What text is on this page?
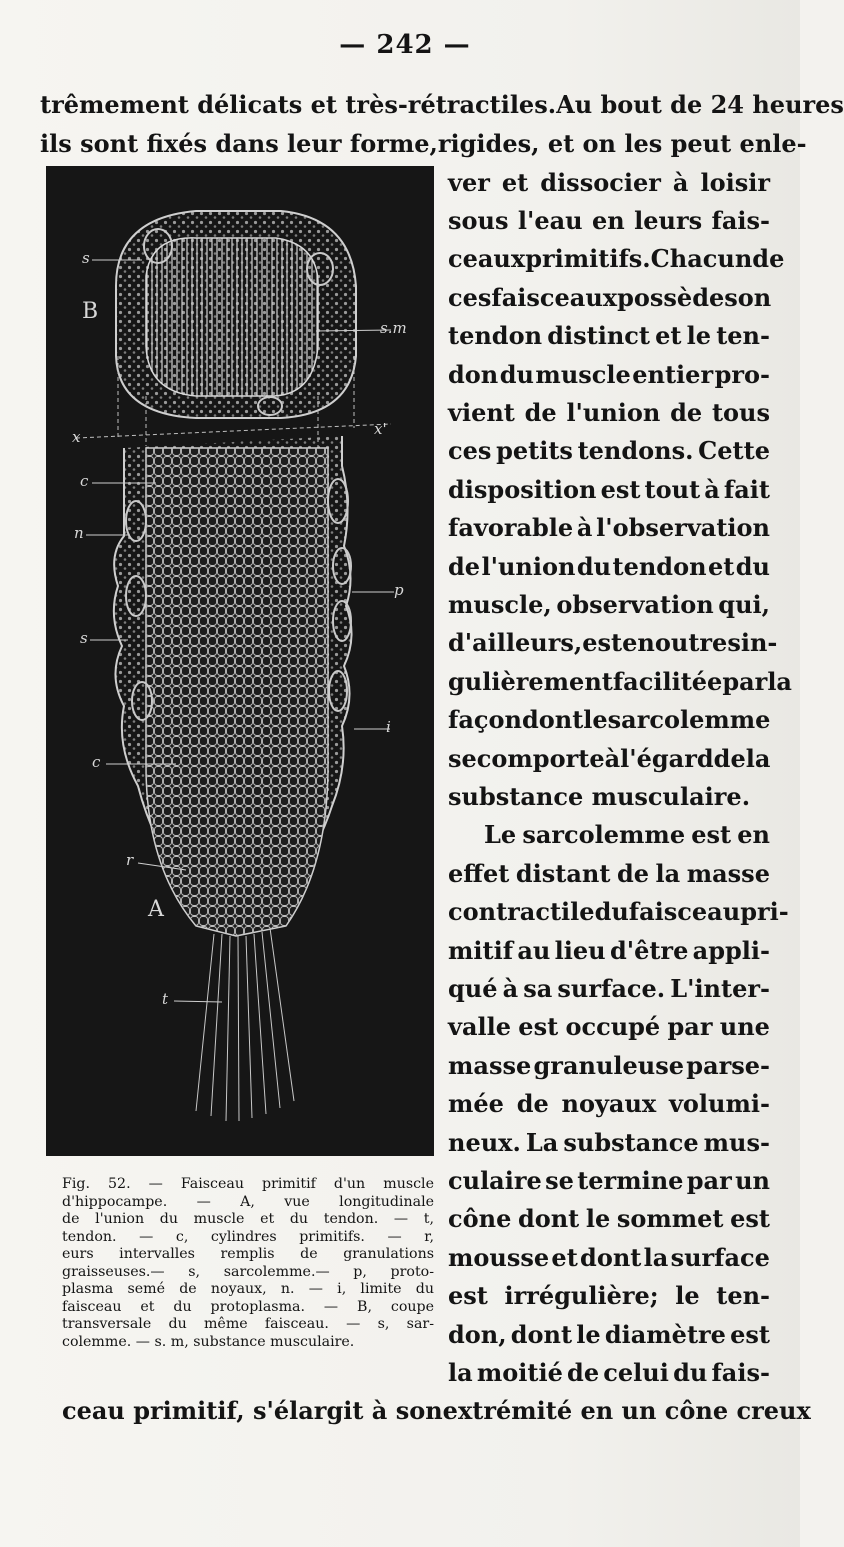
— 242 —
trêmement délicats et très-rétractiles. Au bout de 24 heures
ils sont fixés dans leur forme, rigides, et on les peut enle-
ver et dissocier à loisir
sous l'eau en leurs fais-
ceaux primitifs. Chacun de
ces faisceaux possède son
tendon distinct et le ten-
don du muscle entier pro-
vient de l'union de tous
ces petits tendons. Cette
disposition est tout à fait
favorable à l'observation
de l'union du tendon et du
muscle, observation qui,
d'ailleurs, est en outre sin-
gulièrement facilitée par la
façon dont le sarcolemme
se comporte à l'égard de la
substance musculaire.
Le sarcolemme est en
effet distant de la masse
contractile du faisceau pri-
mitif au lieu d'être appli-
qué à sa surface. L'inter-
valle est occupé par une
masse granuleuse parse-
mée de noyaux volumi-
neux. La substance mus-
culaire se termine par un
cône dont le sommet est
mousse et dont la surface
est irrégulière; le ten-
don, dont le diamètre est
la moitié de celui du fais-
ceau primitif, s'élargit à son extrémité en un cône creux
s
B
s.m
x	x'
c
n
p
s
i
c
r
A
t
Fig. 52. — Faisceau primitif d'un muscle
d'hippocampe. — A, vue longitudinale
de l'union du muscle et du tendon. — t,
tendon. — c, cylindres primitifs. — r,
eurs intervalles remplis de granulations
graisseuses.— s, sarcolemme.— p, proto-
plasma semé de noyaux, n. — i, limite du
faisceau et du protoplasma. — B, coupe
transversale du même faisceau. — s, sar-
colemme. — s. m, substance musculaire.
